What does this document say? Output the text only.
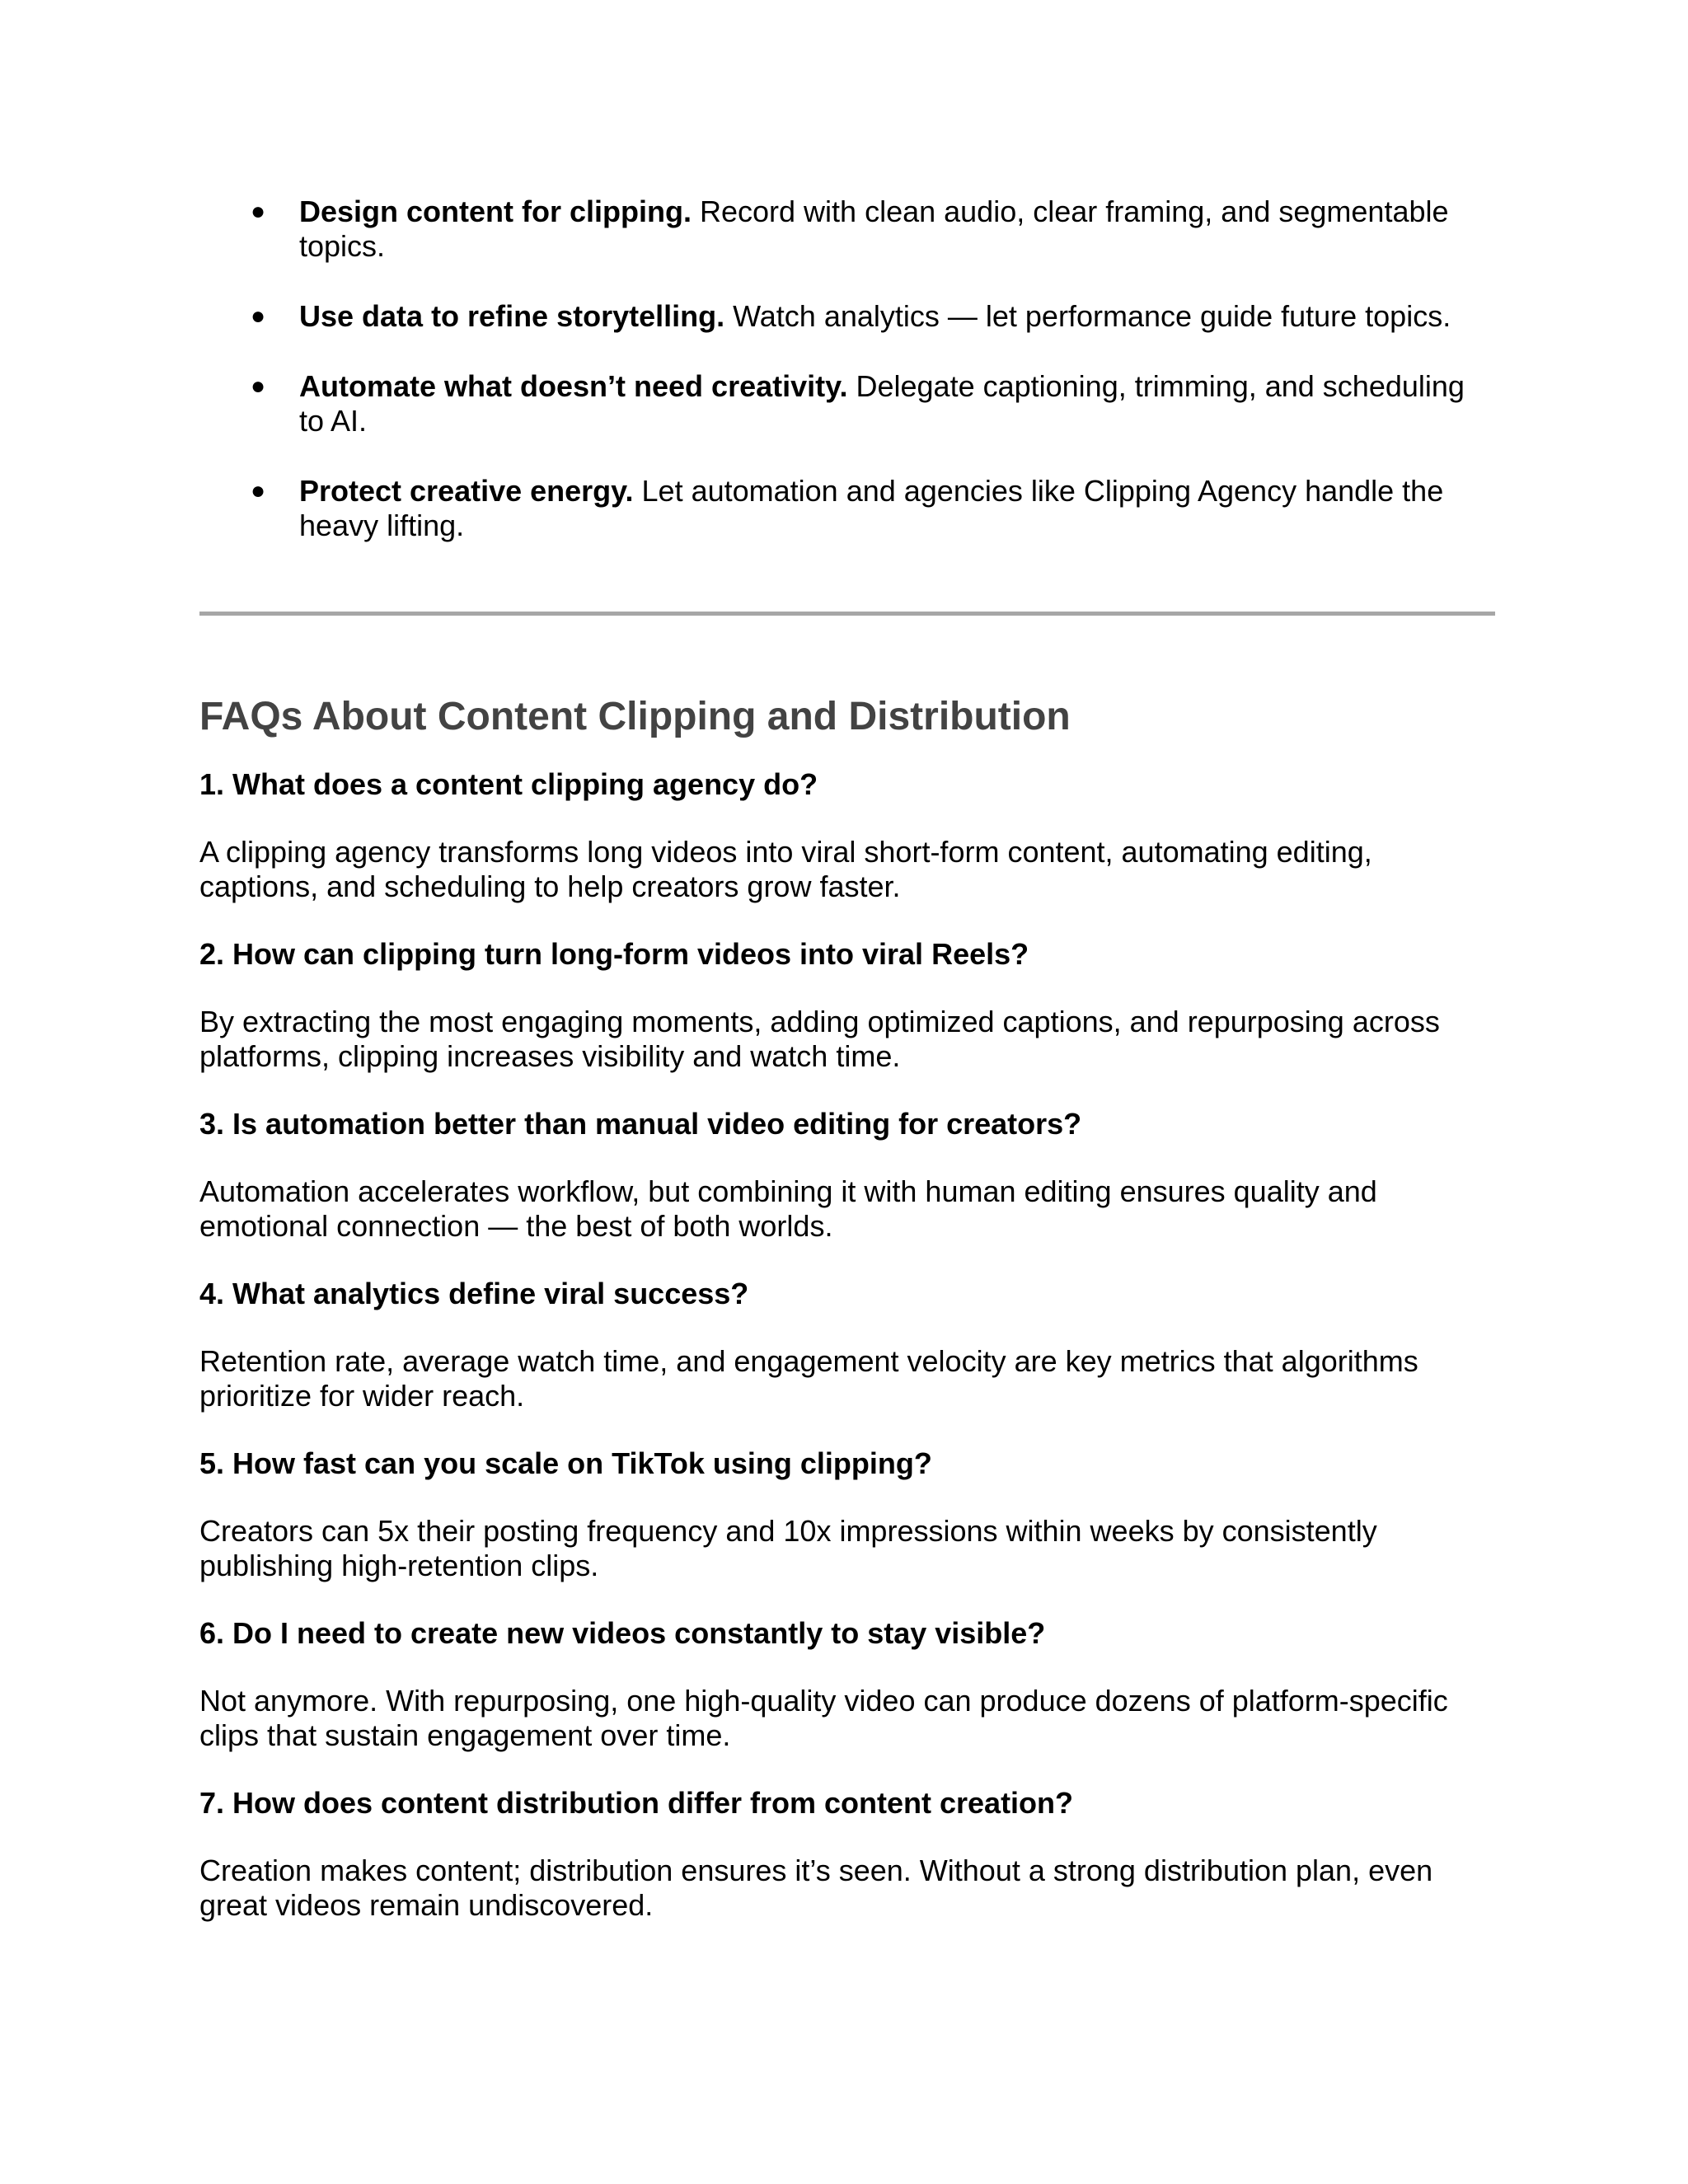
● Design content for clipping. Record with clean audio, clear framing, and segmentable topics.
● Use data to refine storytelling. Watch analytics — let performance guide future topics.
● Automate what doesn’t need creativity. Delegate captioning, trimming, and scheduling to AI.
● Protect creative energy. Let automation and agencies like Clipping Agency handle the heavy lifting.
FAQs About Content Clipping and Distribution

1. What does a content clipping agency do?

A clipping agency transforms long videos into viral short-form content, automating editing, captions, and scheduling to help creators grow faster.

2. How can clipping turn long-form videos into viral Reels?

By extracting the most engaging moments, adding optimized captions, and repurposing across platforms, clipping increases visibility and watch time.

3. Is automation better than manual video editing for creators?

Automation accelerates workflow, but combining it with human editing ensures quality and emotional connection — the best of both worlds.

4. What analytics define viral success?

Retention rate, average watch time, and engagement velocity are key metrics that algorithms prioritize for wider reach.

5. How fast can you scale on TikTok using clipping?

Creators can 5x their posting frequency and 10x impressions within weeks by consistently publishing high-retention clips.

6. Do I need to create new videos constantly to stay visible?

Not anymore. With repurposing, one high-quality video can produce dozens of platform-specific clips that sustain engagement over time.

7. How does content distribution differ from content creation?

Creation makes content; distribution ensures it’s seen. Without a strong distribution plan, even great videos remain undiscovered.
